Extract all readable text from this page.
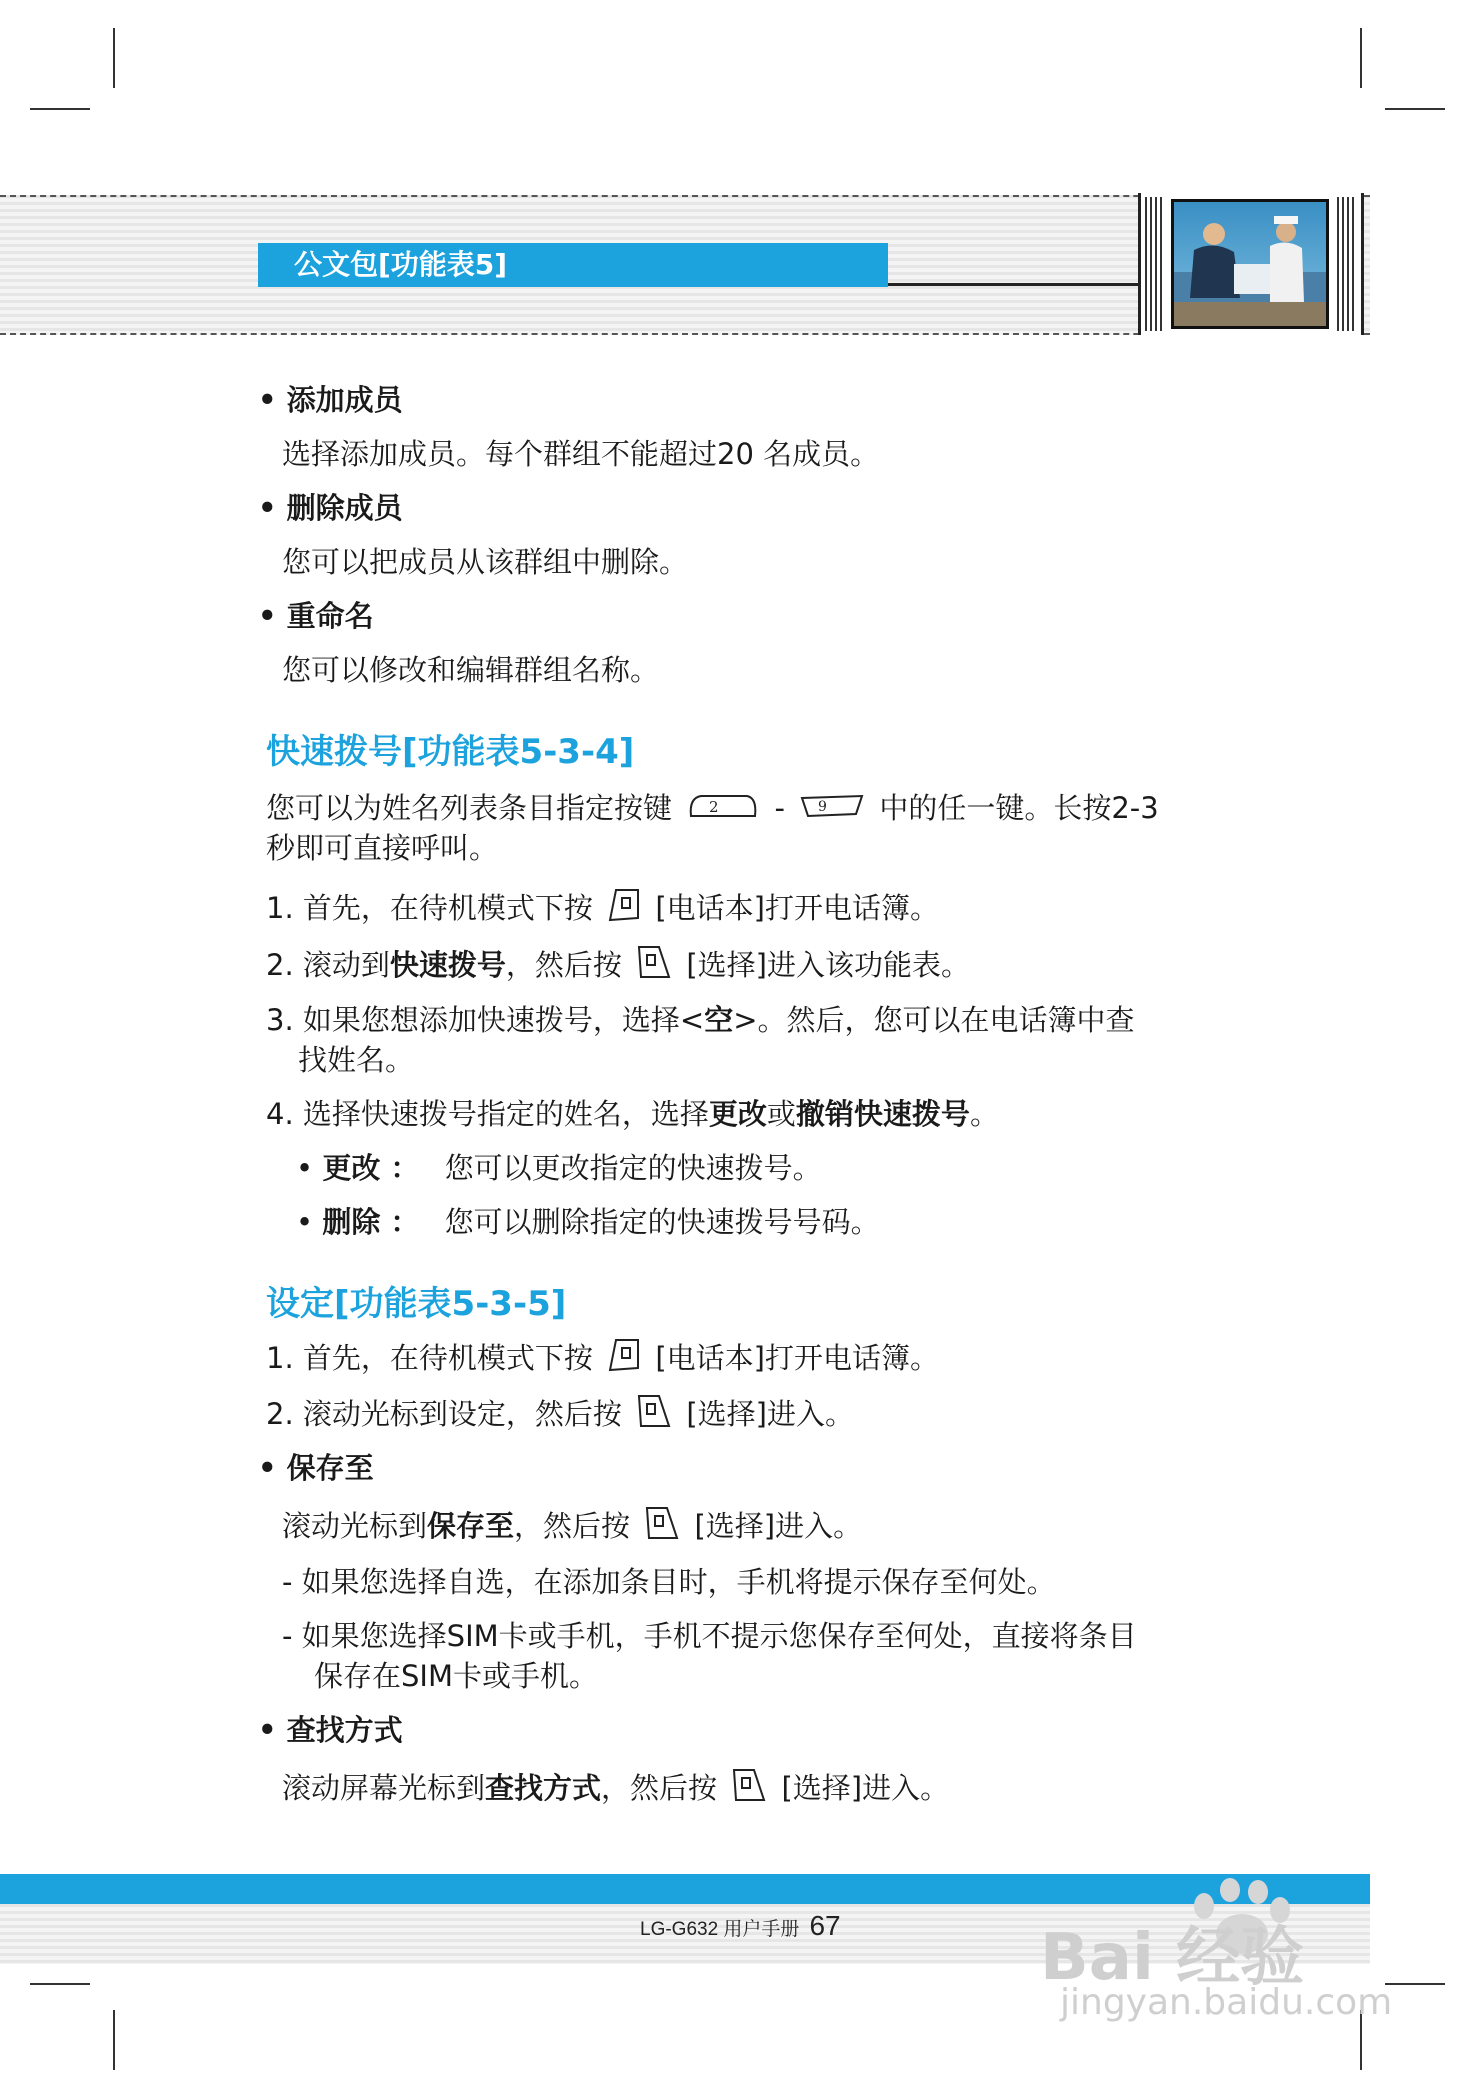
公文包[功能表5]
• 添加成员
选择添加成员。每个群组不能超过20 名成员。
• 删除成员
您可以把成员从该群组中删除。
• 重命名
您可以修改和编辑群组名称。
快速拨号[功能表5-3-4]
您可以为姓名列表条目指定按键 2 - 9 中的任一键。长按2-3
秒即可直接呼叫。
1. 首先，在待机模式下按 [电话本]打开电话簿。
2. 滚动到快速拨号，然后按 [选择]进入该功能表。
3. 如果您想添加快速拨号，选择<空>。然后，您可以在电话簿中查
找姓名。
4. 选择快速拨号指定的姓名，选择更改或撤销快速拨号。
• 更改 ： 您可以更改指定的快速拨号。
• 删除 ： 您可以删除指定的快速拨号号码。
设定[功能表5-3-5]
1. 首先，在待机模式下按 [电话本]打开电话簿。
2. 滚动光标到设定，然后按 [选择]进入。
• 保存至
滚动光标到保存至，然后按 [选择]进入。
- 如果您选择自选，在添加条目时，手机将提示保存至何处。
- 如果您选择SIM卡或手机，手机不提示您保存至何处，直接将条目
保存在SIM卡或手机。
• 查找方式
滚动屏幕光标到查找方式，然后按 [选择]进入。
LG-G632 用户手册 67	Bai 经验
jingyan.baidu.com
